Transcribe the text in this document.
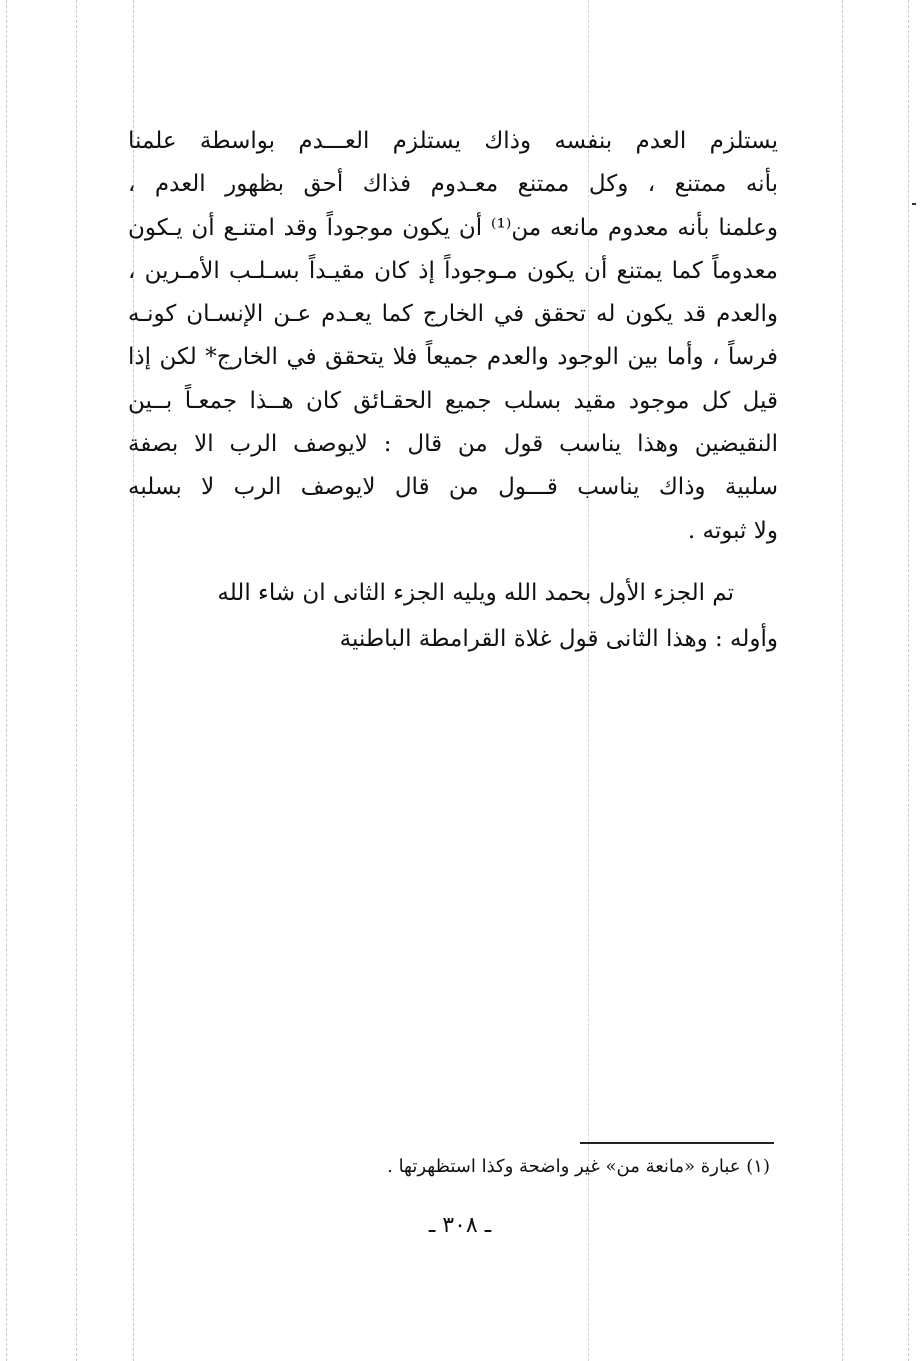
يستلزم العدم بنفسه وذاك يستلزم العـــدم بواسطة علمنا
بأنه ممتنع ، وكل ممتنع معـدوم فذاك أحق بظهور العدم ،
وعلمنا بأنه معدوم مانعه من⁽¹⁾ أن يكون موجوداً وقد امتنـع أن يـكون
معدوماً كما يمتنع أن يكون مـوجوداً إذ كان مقيـداً بسـلـب الأمـرين ،
والعدم قد يكون له تحقق في الخارج كما يعـدم عـن الإنسـان كونـه
فرساً ، وأما بين الوجود والعدم جميعاً فلا يتحقق في الخارج* لكن إذا
قيل كل موجود مقيد بسلب جميع الحقـائق كان هــذا جمعـاً بــين
النقيضين وهذا يناسب قول من قال : لايوصف الرب الا بصفة
سلبية وذاك يناسب قـــول من قال لايوصف الرب لا بسلبه
ولا ثبوته .
تم الجزء الأول بحمد الله ويليه الجزء الثانى ان شاء الله
وأوله : وهذا الثانى قول غلاة القرامطة الباطنية
(١) عبارة «مانعة من» غير واضحة وكذا استظهرتها .
ـ ٣٠٨ ـ
